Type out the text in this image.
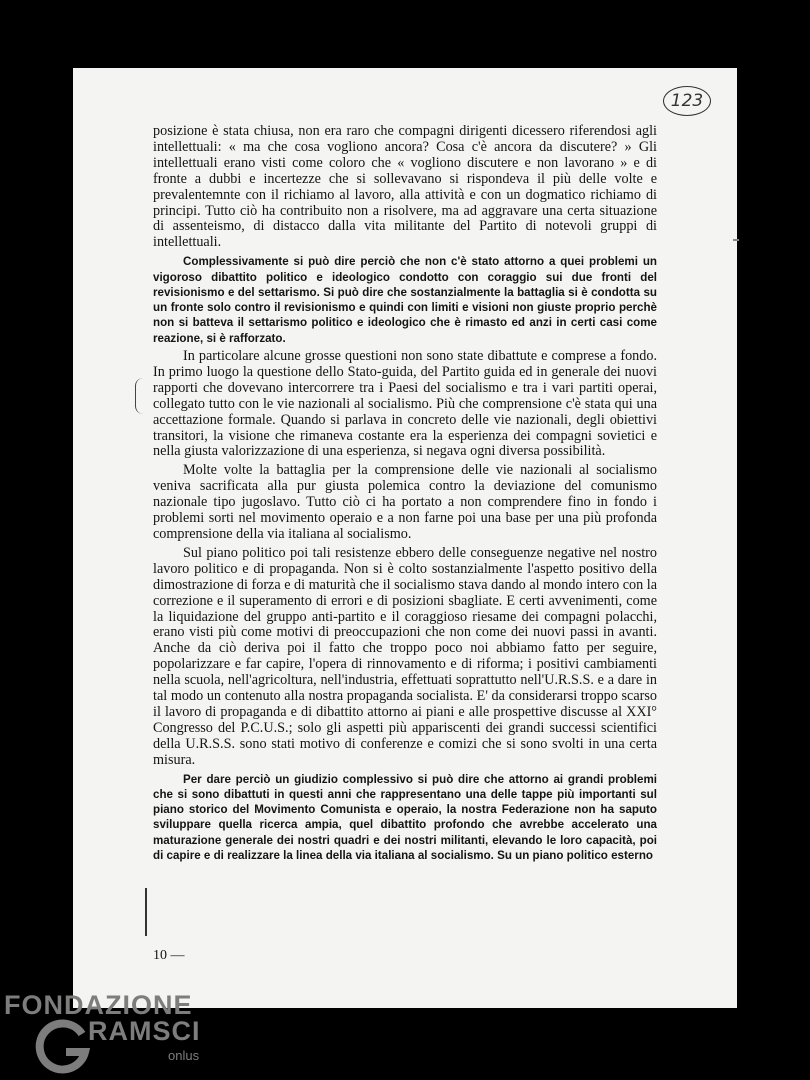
123

posizione è stata chiusa, non era raro che compagni dirigenti dicessero riferendosi agli intellettuali: « ma che cosa vogliono ancora? Cosa c'è ancora da discutere? » Gli intellettuali erano visti come coloro che « vogliono discutere e non lavorano » e di fronte a dubbi e incertezze che si sollevavano si rispondeva il più delle volte e prevalentemnte con il richiamo al lavoro, alla attività e con un dogmatico richiamo di principi. Tutto ciò ha contribuito non a risolvere, ma ad aggravare una certa situazione di assenteismo, di distacco dalla vita militante del Partito di notevoli gruppi di intellettuali.

Complessivamente si può dire perciò che non c'è stato attorno a quei problemi un vigoroso dibattito politico e ideologico condotto con coraggio sui due fronti del revisionismo e del settarismo. Si può dire che sostanzialmente la battaglia si è condotta su un fronte solo contro il revisionismo e quindi con limiti e visioni non giuste proprio perchè non si batteva il settarismo politico e ideologico che è rimasto ed anzi in certi casi come reazione, si è rafforzato.

In particolare alcune grosse questioni non sono state dibattute e comprese a fondo. In primo luogo la questione dello Stato-guida, del Partito guida ed in generale dei nuovi rapporti che dovevano intercorrere tra i Paesi del socialismo e tra i vari partiti operai, collegato tutto con le vie nazionali al socialismo. Più che comprensione c'è stata qui una accettazione formale. Quando si parlava in concreto delle vie nazionali, degli obiettivi transitori, la visione che rimaneva costante era la esperienza dei compagni sovietici e nella giusta valorizzazione di una esperienza, si negava ogni diversa possibilità.

Molte volte la battaglia per la comprensione delle vie nazionali al socialismo veniva sacrificata alla pur giusta polemica contro la deviazione del comunismo nazionale tipo jugoslavo. Tutto ciò ci ha portato a non comprendere fino in fondo i problemi sorti nel movimento operaio e a non farne poi una base per una più profonda comprensione della via italiana al socialismo.

Sul piano politico poi tali resistenze ebbero delle conseguenze negative nel nostro lavoro politico e di propaganda. Non si è colto sostanzialmente l'aspetto positivo della dimostrazione di forza e di maturità che il socialismo stava dando al mondo intero con la correzione e il superamento di errori e di posizioni sbagliate. E certi avvenimenti, come la liquidazione del gruppo anti-partito e il coraggioso riesame dei compagni polacchi, erano visti più come motivi di preoccupazioni che non come dei nuovi passi in avanti. Anche da ciò deriva poi il fatto che troppo poco noi abbiamo fatto per seguire, popolarizzare e far capire, l'opera di rinnovamento e di riforma; i positivi cambiamenti nella scuola, nell'agricoltura, nell'industria, effettuati soprattutto nell'U.R.S.S. e a dare in tal modo un contenuto alla nostra propaganda socialista. E' da considerarsi troppo scarso il lavoro di propaganda e di dibattito attorno ai piani e alle prospettive discusse al XXI° Congresso del P.C.U.S.; solo gli aspetti più appariscenti dei grandi successi scientifici della U.R.S.S. sono stati motivo di conferenze e comizi che si sono svolti in una certa misura.

Per dare perciò un giudizio complessivo si può dire che attorno ai grandi problemi che si sono dibattuti in questi anni che rappresentano una delle tappe più importanti sul piano storico del Movimento Comunista e operaio, la nostra Federazione non ha saputo sviluppare quella ricerca ampia, quel dibattito profondo che avrebbe accelerato una maturazione generale dei nostri quadri e dei nostri militanti, elevando le loro capacità, poi di capire e di realizzare la linea della via italiana al socialismo. Su un piano politico esterno

10 —
FONDAZIONE
RAMSCI
onlus
